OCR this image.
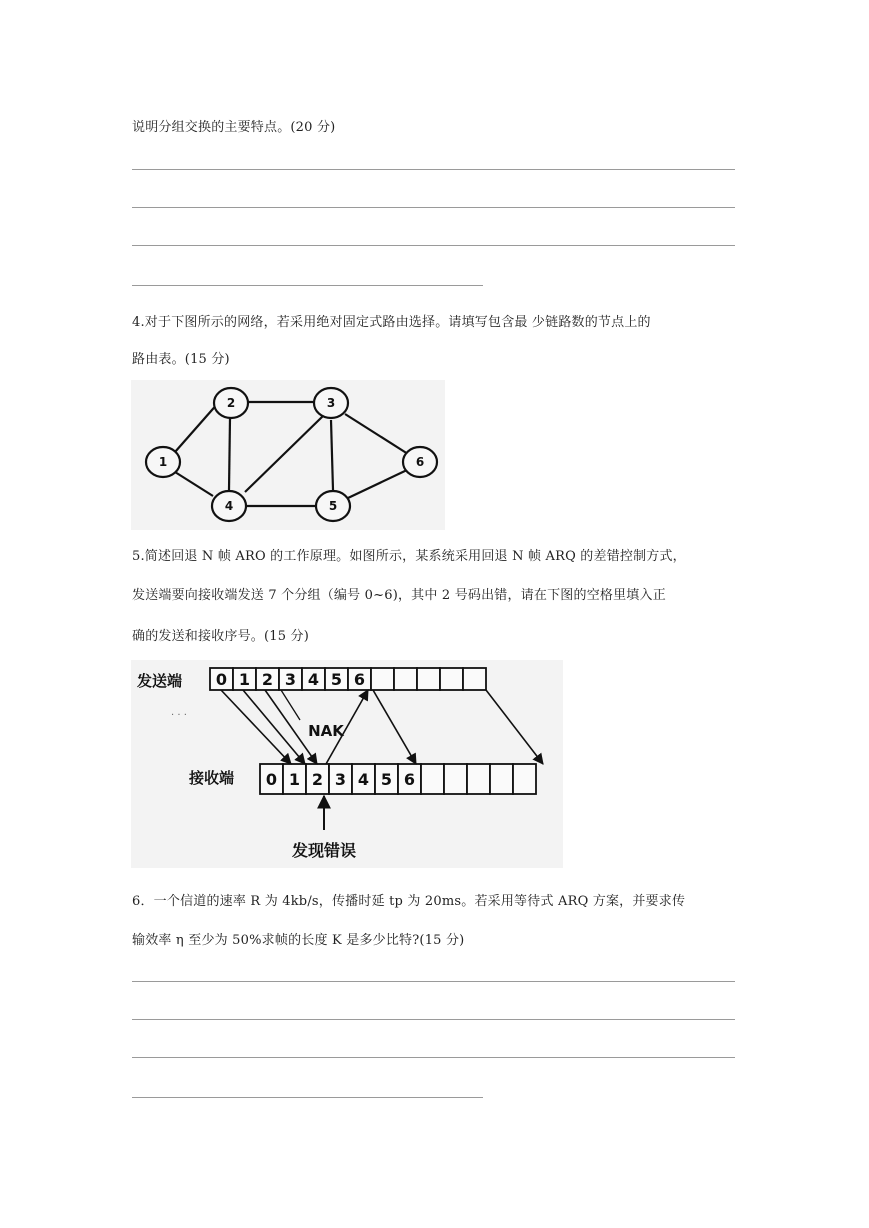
说明分组交换的主要特点。(20 分)
4.对于下图所示的网络，若采用绝对固定式路由选择。请填写包含最 少链路数的节点上的
路由表。(15 分)
2	3
1	6
4	5
5.简述回退 N 帧 ARO 的工作原理。如图所示，某系统采用回退 N 帧 ARQ 的差错控制方式，
发送端要向接收端发送 7 个分组（编号 0~6)，其中 2 号码出错，请在下图的空格里填入正
确的发送和接收序号。(15 分)
发送端
接收端
0 1 2 3 4 5 6
0 1 2 3 4 5 6
NAK
发现错误
· · ·
6．一个信道的速率 R 为 4kb/s，传播时延 tp 为 20ms。若采用等待式 ARQ 方案，并要求传
输效率 η 至少为 50%求帧的长度 K 是多少比特?(15 分)
